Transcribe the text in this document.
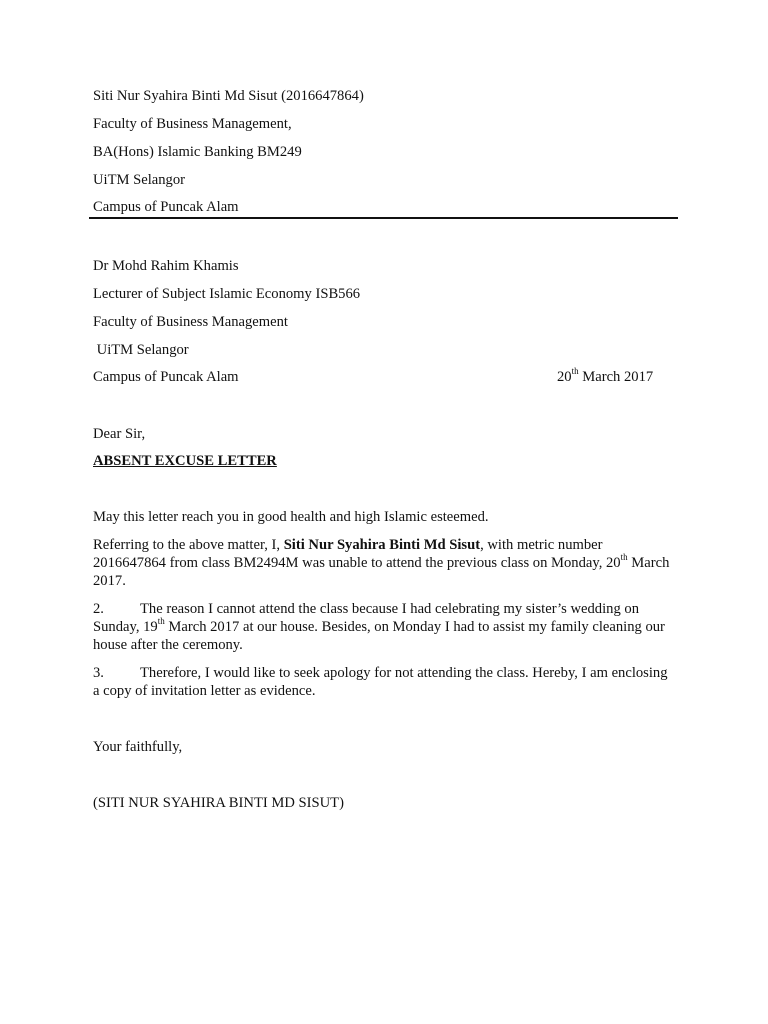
Siti Nur Syahira Binti Md Sisut (2016647864)
Faculty of Business Management,
BA(Hons) Islamic Banking BM249
UiTM Selangor
Campus of Puncak Alam
Dr Mohd Rahim Khamis
Lecturer of Subject Islamic Economy ISB566
Faculty of Business Management
UiTM Selangor
Campus of Puncak Alam	20th March 2017
Dear Sir,
ABSENT EXCUSE LETTER
May this letter reach you in good health and high Islamic esteemed.
Referring to the above matter, I, Siti Nur Syahira Binti Md Sisut, with metric number 2016647864 from class BM2494M was unable to attend the previous class on Monday, 20th March 2017.
2. The reason I cannot attend the class because I had celebrating my sister’s wedding on Sunday, 19th March 2017 at our house. Besides, on Monday I had to assist my family cleaning our house after the ceremony.
3. Therefore, I would like to seek apology for not attending the class. Hereby, I am enclosing a copy of invitation letter as evidence.
Your faithfully,
(SITI NUR SYAHIRA BINTI MD SISUT)
